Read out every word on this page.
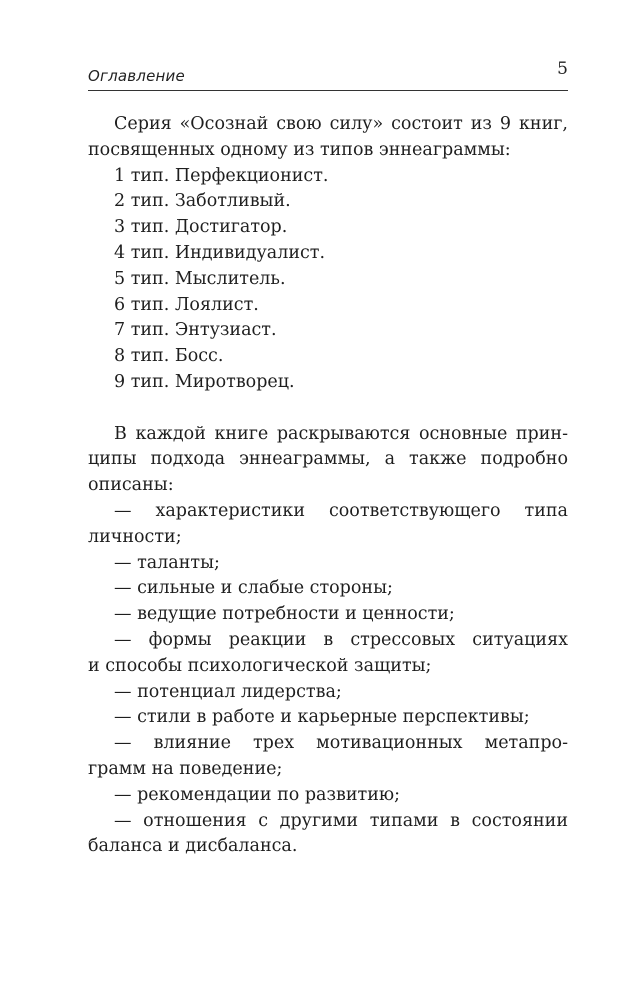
Оглавление	5
Серия «Осознай свою силу» состоит из 9 книг,
посвященных одному из типов эннеаграммы:
1 тип. Перфекционист.
2 тип. Заботливый.
3 тип. Достигатор.
4 тип. Индивидуалист.
5 тип. Мыслитель.
6 тип. Лоялист.
7 тип. Энтузиаст.
8 тип. Босс.
9 тип. Миротворец.
В каждой книге раскрываются основные прин-
ципы подхода эннеаграммы, а также подробно
описаны:
— характеристики соответствующего типа
личности;
— таланты;
— сильные и слабые стороны;
— ведущие потребности и ценности;
— формы реакции в стрессовых ситуациях
и способы психологической защиты;
— потенциал лидерства;
— стили в работе и карьерные перспективы;
— влияние трех мотивационных метапро-
грамм на поведение;
— рекомендации по развитию;
— отношения с другими типами в состоянии
баланса и дисбаланса.
